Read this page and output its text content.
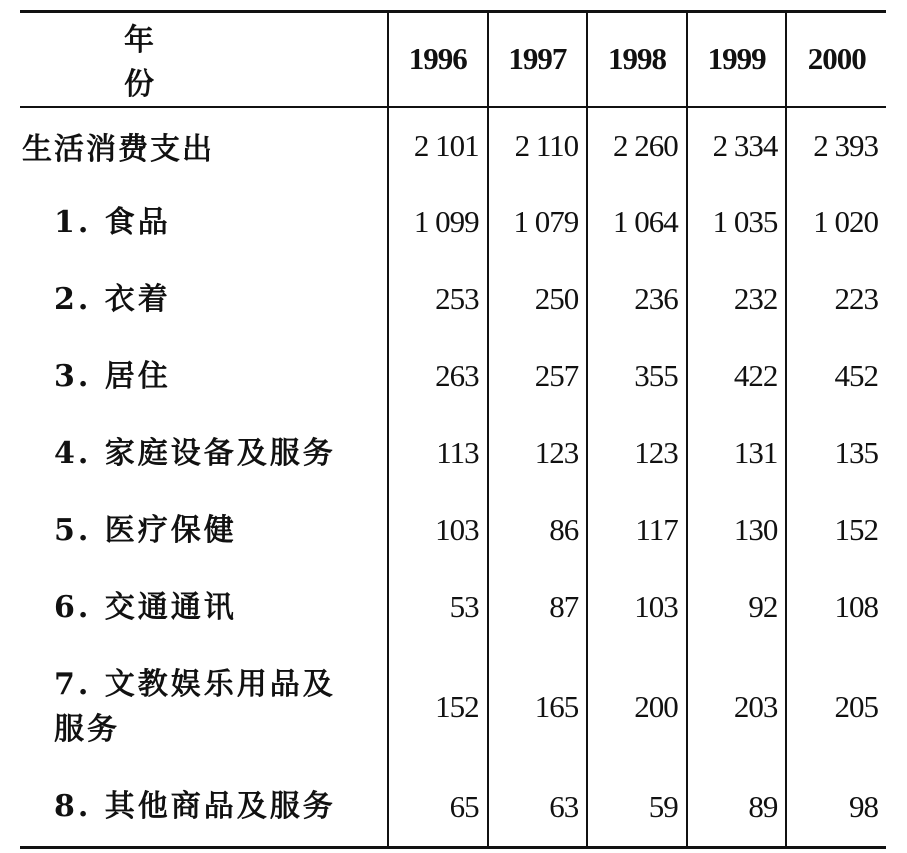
年 份	1996	1997	1998	1999	2000
生活消费支出	2 101	2 110	2 260	2 334	2 393
1. 食品	1 099	1 079	1 064	1 035	1 020
2. 衣着	253	250	236	232	223
3. 居住	263	257	355	422	452
4. 家庭设备及服务	113	123	123	131	135
5. 医疗保健	103	86	117	130	152
6. 交通通讯	53	87	103	92	108
7. 文教娱乐用品及服务	152	165	200	203	205
8. 其他商品及服务	65	63	59	89	98
